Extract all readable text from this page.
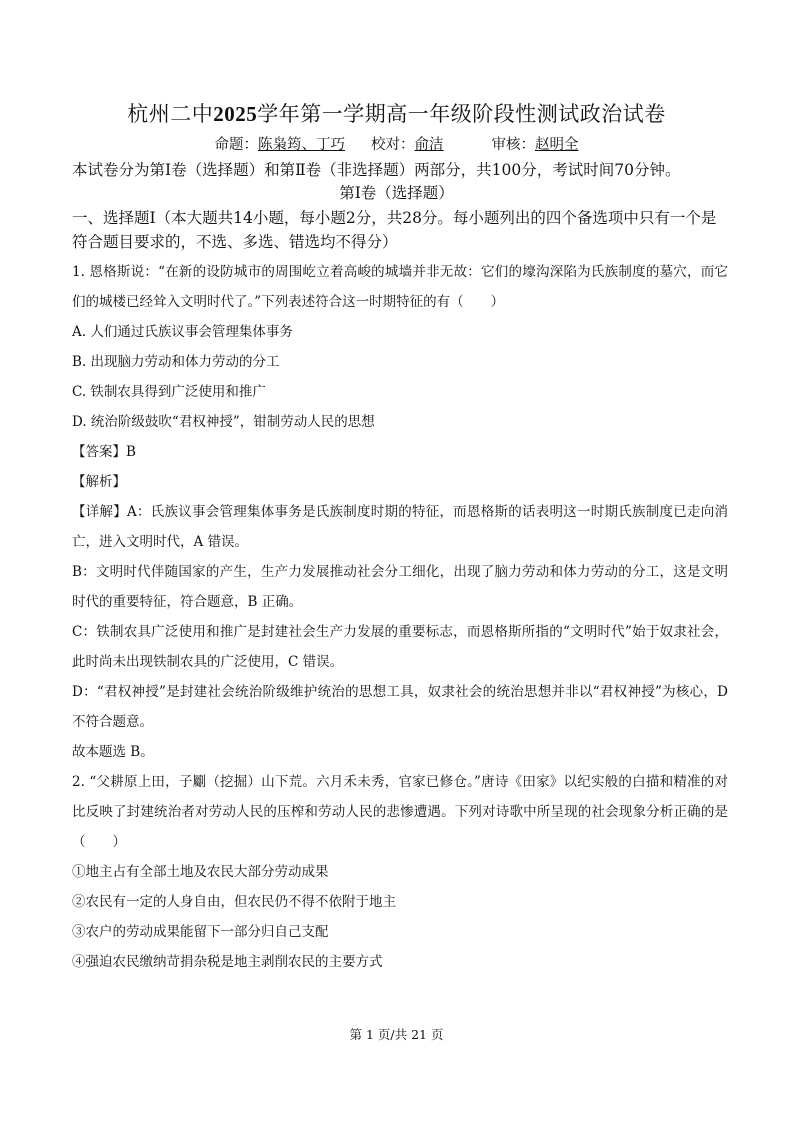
杭州二中2025学年第一学期高一年级阶段性测试政治试卷
命题：陈枭筠、丁巧 校对：俞洁	审核：赵明全
本试卷分为第Ⅰ卷（选择题）和第Ⅱ卷（非选择题）两部分，共100分，考试时间70分钟。
第Ⅰ卷（选择题）
一、选择题Ⅰ（本大题共14小题，每小题2分，共28分。每小题列出的四个备选项中只有一个是符合题目要求的，不选、多选、错选均不得分）
1. 恩格斯说：“在新的设防城市的周围屹立着高峻的城墙并非无故：它们的壕沟深陷为氏族制度的墓穴，而它们的城楼已经耸入文明时代了。”下列表述符合这一时期特征的有（　　）
A. 人们通过氏族议事会管理集体事务
B. 出现脑力劳动和体力劳动的分工
C. 铁制农具得到广泛使用和推广
D. 统治阶级鼓吹“君权神授”，钳制劳动人民的思想
【答案】B
【解析】
【详解】A：氏族议事会管理集体事务是氏族制度时期的特征，而恩格斯的话表明这一时期氏族制度已走向消亡，进入文明时代，A 错误。
B：文明时代伴随国家的产生，生产力发展推动社会分工细化，出现了脑力劳动和体力劳动的分工，这是文明时代的重要特征，符合题意，B 正确。
C：铁制农具广泛使用和推广是封建社会生产力发展的重要标志，而恩格斯所指的“文明时代”始于奴隶社会，此时尚未出现铁制农具的广泛使用，C 错误。
D：“君权神授”是封建社会统治阶级维护统治的思想工具，奴隶社会的统治思想并非以“君权神授”为核心，D 不符合题意。
故本题选 B。
2. “父耕原上田，子劚（挖掘）山下荒。六月禾未秀，官家已修仓。”唐诗《田家》以纪实般的白描和精准的对比反映了封建统治者对劳动人民的压榨和劳动人民的悲惨遭遇。下列对诗歌中所呈现的社会现象分析正确的是（　　）
①地主占有全部土地及农民大部分劳动成果
②农民有一定的人身自由，但农民仍不得不依附于地主
③农户的劳动成果能留下一部分归自己支配
④强迫农民缴纳苛捐杂税是地主剥削农民的主要方式
第 1 页/共 21 页
